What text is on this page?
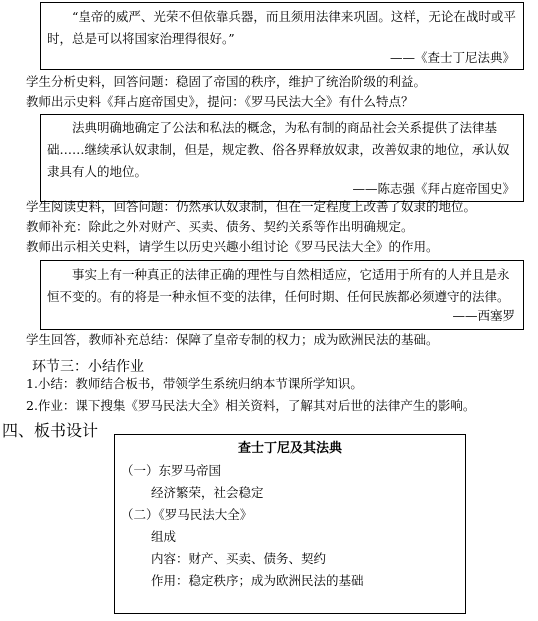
“皇帝的威严、光荣不但依靠兵器，而且须用法律来巩固。这样，无论在战时或平时，总是可以将国家治理得很好。”
——《查士丁尼法典》
学生分析史料，回答问题：稳固了帝国的秩序，维护了统治阶级的利益。
教师出示史料《拜占庭帝国史》，提问：《罗马民法大全》有什么特点？
法典明确地确定了公法和私法的概念，为私有制的商品社会关系提供了法律基础……继续承认奴隶制，但是，规定教、俗各界释放奴隶，改善奴隶的地位，承认奴隶具有人的地位。
——陈志强《拜占庭帝国史》
学生阅读史料，回答问题：仍然承认奴隶制，但在一定程度上改善了奴隶的地位。
教师补充：除此之外对财产、买卖、债务、契约关系等作出明确规定。
教师出示相关史料，请学生以历史兴趣小组讨论《罗马民法大全》的作用。
事实上有一种真正的法律正确的理性与自然相适应，它适用于所有的人并且是永恒不变的。有的将是一种永恒不变的法律，任何时期、任何民族都必须遵守的法律。
——西塞罗
学生回答，教师补充总结：保障了皇帝专制的权力；成为欧洲民法的基础。
环节三：小结作业
1.小结：教师结合板书，带领学生系统归纳本节课所学知识。
2.作业：课下搜集《罗马民法大全》相关资料，了解其对后世的法律产生的影响。
四、板书设计
查士丁尼及其法典
（一）东罗马帝国
经济繁荣，社会稳定
（二）《罗马民法大全》
组成
内容：财产、买卖、债务、契约
作用：稳定秩序；成为欧洲民法的基础
